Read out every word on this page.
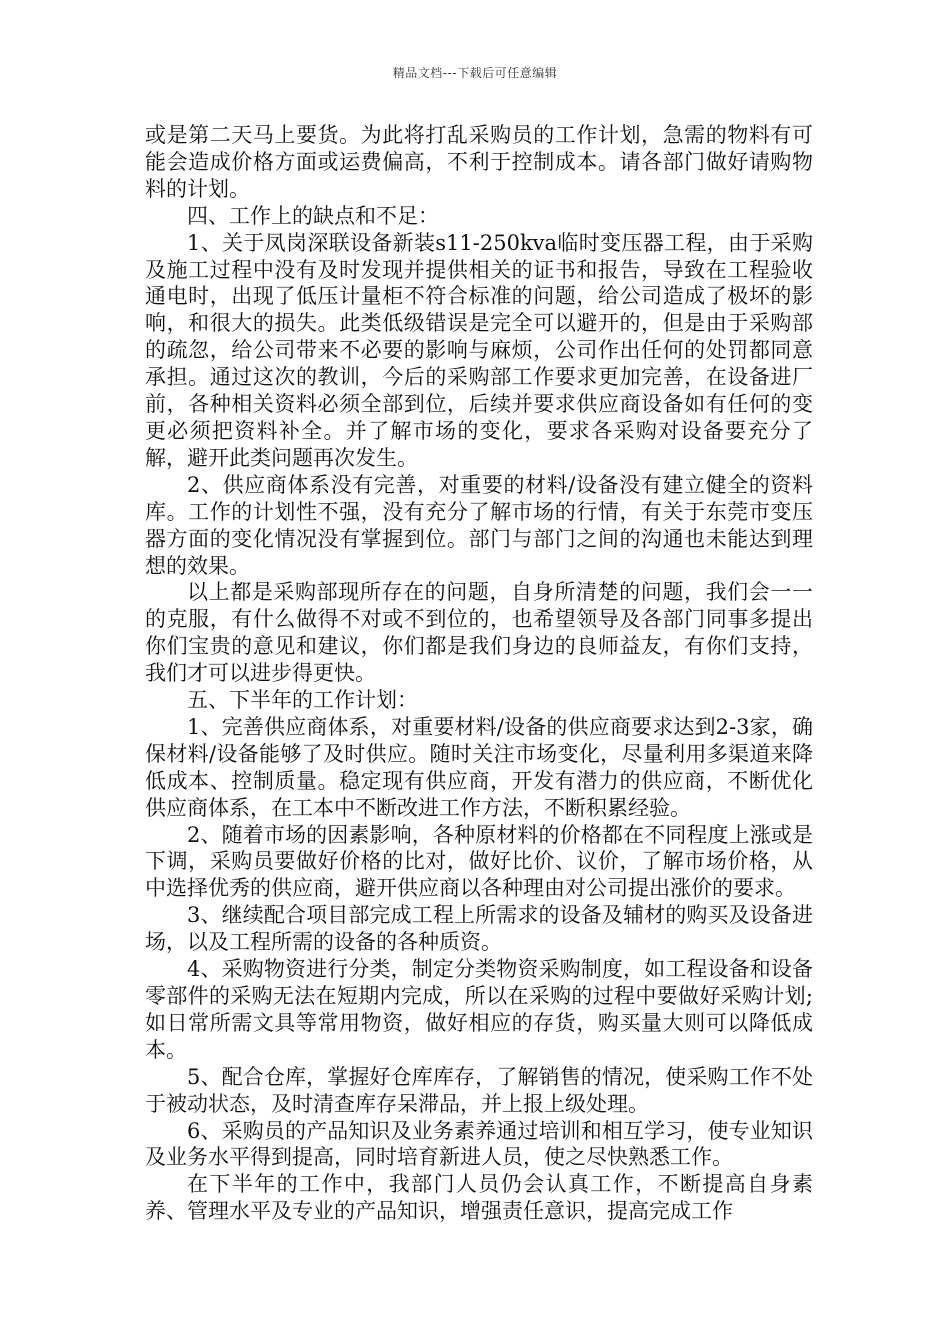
精品文档---下载后可任意编辑

或是第二天马上要货。为此将打乱采购员的工作计划，急需的物料有可能会造成价格方面或运费偏高，不利于控制成本。请各部门做好请购物料的计划。

四、工作上的缺点和不足：

1、关于凤岗深联设备新装s11-250kva临时变压器工程，由于采购及施工过程中没有及时发现并提供相关的证书和报告，导致在工程验收通电时，出现了低压计量柜不符合标准的问题，给公司造成了极坏的影响，和很大的损失。此类低级错误是完全可以避开的，但是由于采购部的疏忽，给公司带来不必要的影响与麻烦，公司作出任何的处罚都同意承担。通过这次的教训，今后的采购部工作要求更加完善，在设备进厂前，各种相关资料必须全部到位，后续并要求供应商设备如有任何的变更必须把资料补全。并了解市场的变化，要求各采购对设备要充分了解，避开此类问题再次发生。

2、供应商体系没有完善，对重要的材料/设备没有建立健全的资料库。工作的计划性不强，没有充分了解市场的行情，有关于东莞市变压器方面的变化情况没有掌握到位。部门与部门之间的沟通也未能达到理想的效果。

以上都是采购部现所存在的问题，自身所清楚的问题，我们会一一的克服，有什么做得不对或不到位的，也希望领导及各部门同事多提出你们宝贵的意见和建议，你们都是我们身边的良师益友，有你们支持，我们才可以进步得更快。

五、下半年的工作计划：

1、完善供应商体系，对重要材料/设备的供应商要求达到2-3家，确保材料/设备能够了及时供应。随时关注市场变化，尽量利用多渠道来降低成本、控制质量。稳定现有供应商，开发有潜力的供应商，不断优化供应商体系，在工本中不断改进工作方法，不断积累经验。

2、随着市场的因素影响，各种原材料的价格都在不同程度上涨或是下调，采购员要做好价格的比对，做好比价、议价，了解市场价格，从中选择优秀的供应商，避开供应商以各种理由对公司提出涨价的要求。

3、继续配合项目部完成工程上所需求的设备及辅材的购买及设备进场，以及工程所需的设备的各种质资。

4、采购物资进行分类，制定分类物资采购制度，如工程设备和设备零部件的采购无法在短期内完成，所以在采购的过程中要做好采购计划;如日常所需文具等常用物资，做好相应的存货，购买量大则可以降低成本。

5、配合仓库，掌握好仓库库存，了解销售的情况，使采购工作不处于被动状态，及时清查库存呆滞品，并上报上级处理。

6、采购员的产品知识及业务素养通过培训和相互学习，使专业知识及业务水平得到提高，同时培育新进人员，使之尽快熟悉工作。

在下半年的工作中，我部门人员仍会认真工作，不断提高自身素养、管理水平及专业的产品知识，增强责任意识，提高完成工作
